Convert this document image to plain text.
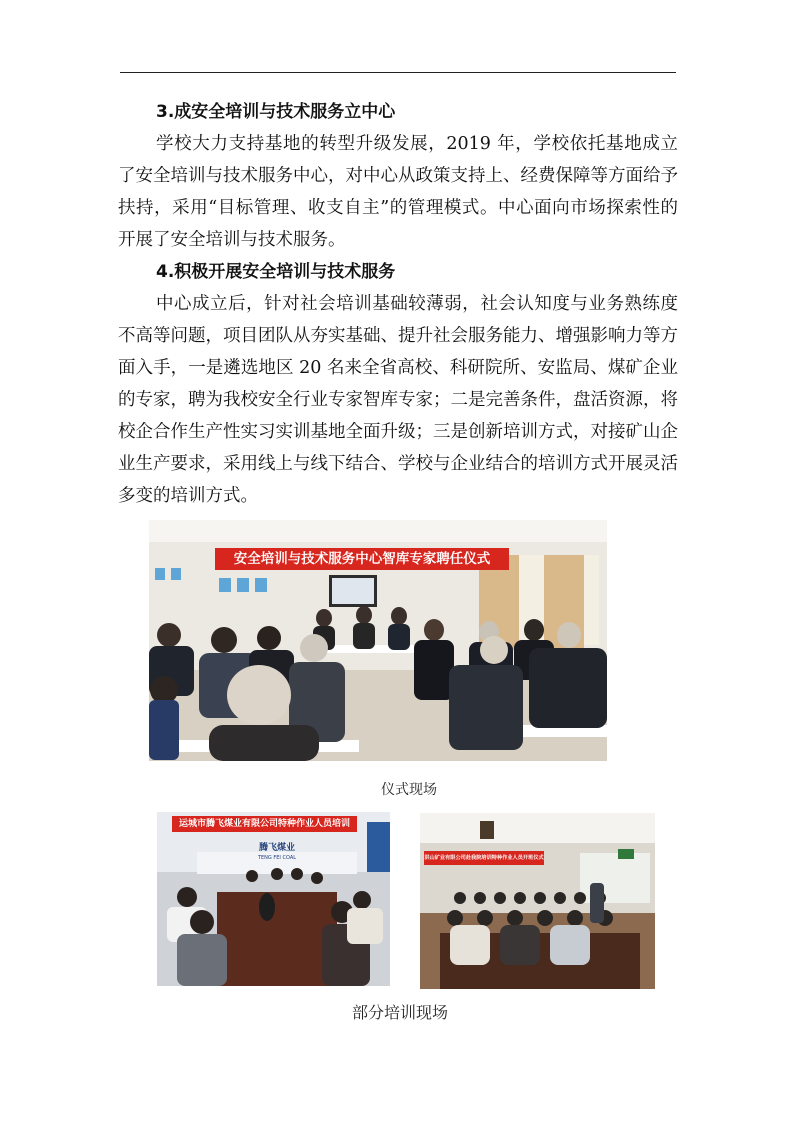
3.成安全培训与技术服务立中心

学校大力支持基地的转型升级发展，2019 年，学校依托基地成立了安全培训与技术服务中心，对中心从政策支持上、经费保障等方面给予扶持，采用“目标管理、收支自主”的管理模式。中心面向市场探索性的开展了安全培训与技术服务。

4.积极开展安全培训与技术服务

中心成立后，针对社会培训基础较薄弱，社会认知度与业务熟练度不高等问题，项目团队从夯实基础、提升社会服务能力、增强影响力等方面入手，一是遴选地区 20 名来全省高校、科研院所、安监局、煤矿企业的专家，聘为我校安全行业专家智库专家；二是完善条件，盘活资源，将校企合作生产性实习实训基地全面升级；三是创新培训方式，对接矿山企业生产要求，采用线上与线下结合、学校与企业结合的培训方式开展灵活多变的培训方式。

安全培训与技术服务中心智库专家聘任仪式
仪式现场
运城市腾飞煤业有限公司特种作业人员培训
腾飞煤业
TENG FEI COAL	洪山矿业有限公司赴我院培训特种作业人员开班仪式
部分培训现场
